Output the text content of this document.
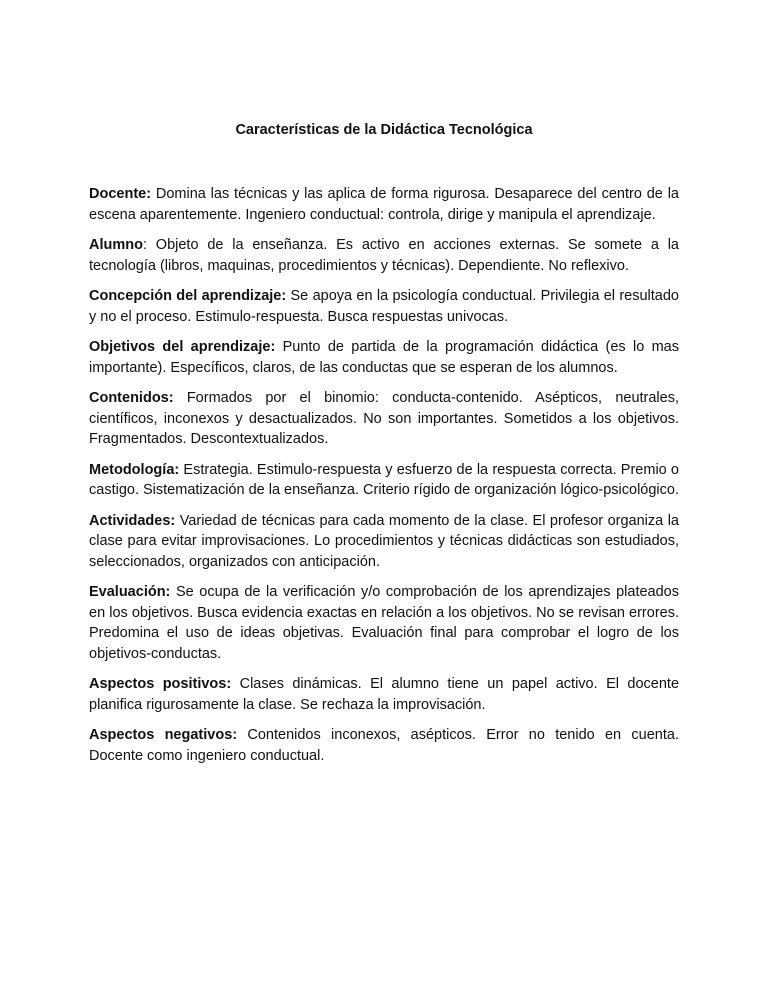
Características de la Didáctica Tecnológica

Docente: Domina las técnicas y las aplica de forma rigurosa. Desaparece del centro de la escena aparentemente. Ingeniero conductual: controla, dirige y manipula el aprendizaje.

Alumno: Objeto de la enseñanza. Es activo en acciones externas. Se somete a la tecnología (libros, maquinas, procedimientos y técnicas). Dependiente. No reflexivo.

Concepción del aprendizaje: Se apoya en la psicología conductual. Privilegia el resultado y no el proceso. Estimulo-respuesta. Busca respuestas univocas.

Objetivos del aprendizaje: Punto de partida de la programación didáctica (es lo mas importante). Específicos, claros, de las conductas que se esperan de los alumnos.

Contenidos: Formados por el binomio: conducta-contenido. Asépticos, neutrales, científicos, inconexos y desactualizados. No son importantes. Sometidos a los objetivos. Fragmentados. Descontextualizados.

Metodología: Estrategia. Estimulo-respuesta y esfuerzo de la respuesta correcta. Premio o castigo. Sistematización de la enseñanza. Criterio rígido de organización lógico-psicológico.

Actividades: Variedad de técnicas para cada momento de la clase. El profesor organiza la clase para evitar improvisaciones. Lo procedimientos y técnicas didácticas son estudiados, seleccionados, organizados con anticipación.

Evaluación: Se ocupa de la verificación y/o comprobación de los aprendizajes plateados en los objetivos. Busca evidencia exactas en relación a los objetivos. No se revisan errores. Predomina el uso de ideas objetivas. Evaluación final para comprobar el logro de los objetivos-conductas.

Aspectos positivos: Clases dinámicas. El alumno tiene un papel activo. El docente planifica rigurosamente la clase. Se rechaza la improvisación.

Aspectos negativos: Contenidos inconexos, asépticos. Error no tenido en cuenta. Docente como ingeniero conductual.
